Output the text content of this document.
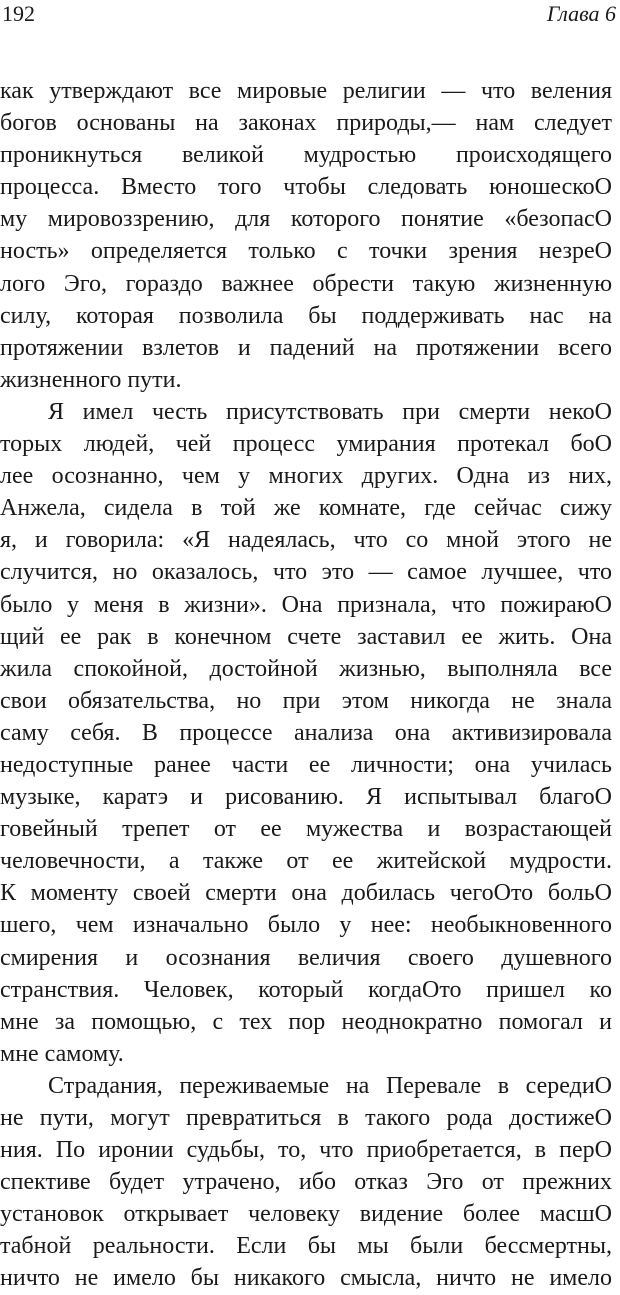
192	Глава 6
как утверждают все мировые религии — что веления
богов основаны на законах природы,— нам следует
проникнуться великой мудростью происходящего
процесса. Вместо того чтобы следовать юношескоО
му мировоззрению, для которого понятие «безопасО
ность» определяется только с точки зрения незреО
лого Эго, гораздо важнее обрести такую жизненную
силу, которая позволила бы поддерживать нас на
протяжении взлетов и падений на протяжении всего
жизненного пути.
Я имел честь присутствовать при смерти некоО
торых людей, чей процесс умирания протекал боО
лее осознанно, чем у многих других. Одна из них,
Анжела, сидела в той же комнате, где сейчас сижу
я, и говорила: «Я надеялась, что со мной этого не
случится, но оказалось, что это — самое лучшее, что
было у меня в жизни». Она признала, что пожираюО
щий ее рак в конечном счете заставил ее жить. Она
жила спокойной, достойной жизнью, выполняла все
свои обязательства, но при этом никогда не знала
саму себя. В процессе анализа она активизировала
недоступные ранее части ее личности; она училась
музыке, каратэ и рисованию. Я испытывал благоО
говейный трепет от ее мужества и возрастающей
человечности, а также от ее житейской мудрости.
К моменту своей смерти она добилась чегоОто больО
шего, чем изначально было у нее: необыкновенного
смирения и осознания величия своего душевного
странствия. Человек, который когдаОто пришел ко
мне за помощью, с тех пор неоднократно помогал и
мне самому.
Страдания, переживаемые на Перевале в середиО
не пути, могут превратиться в такого рода достижеО
ния. По иронии судьбы, то, что приобретается, в перО
спективе будет утрачено, ибо отказ Эго от прежних
установок открывает человеку видение более масшО
табной реальности. Если бы мы были бессмертны,
ничто не имело бы никакого смысла, ничто не имело
